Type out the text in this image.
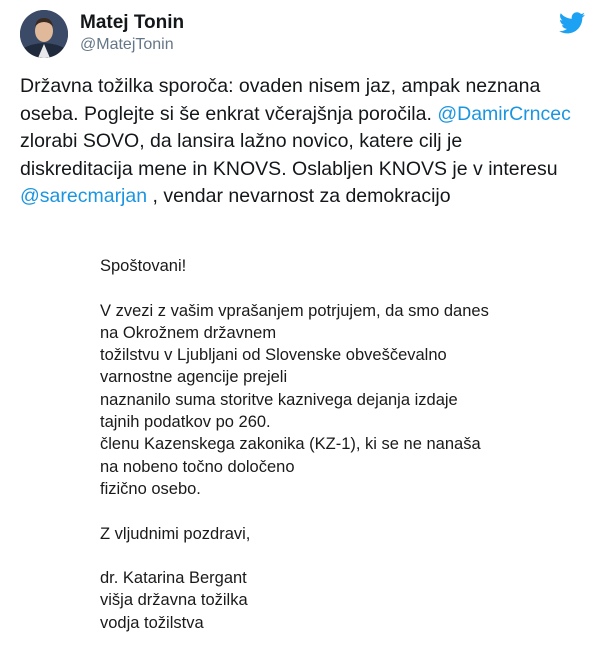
Matej Tonin
@MatejTonin
Državna tožilka sporoča: ovaden nisem jaz, ampak neznana
oseba. Poglejte si še enkrat včerajšnja poročila. @DamirCrncec
zlorabi SOVO, da lansira lažno novico, katere cilj je
diskreditacija mene in KNOVS. Oslabljen KNOVS je v interesu
@sarecmarjan , vendar nevarnost za demokracijo
Spoštovani!
V zvezi z vašim vprašanjem potrjujem, da smo danes
na Okrožnem državnem
tožilstvu v Ljubljani od Slovenske obveščevalno
varnostne agencije prejeli
naznanilo suma storitve kaznivega dejanja izdaje
tajnih podatkov po 260.
členu Kazenskega zakonika (KZ-1), ki se ne nanaša
na nobeno točno določeno
fizično osebo.
Z vljudnimi pozdravi,
dr. Katarina Bergant
višja državna tožilka
vodja tožilstva
